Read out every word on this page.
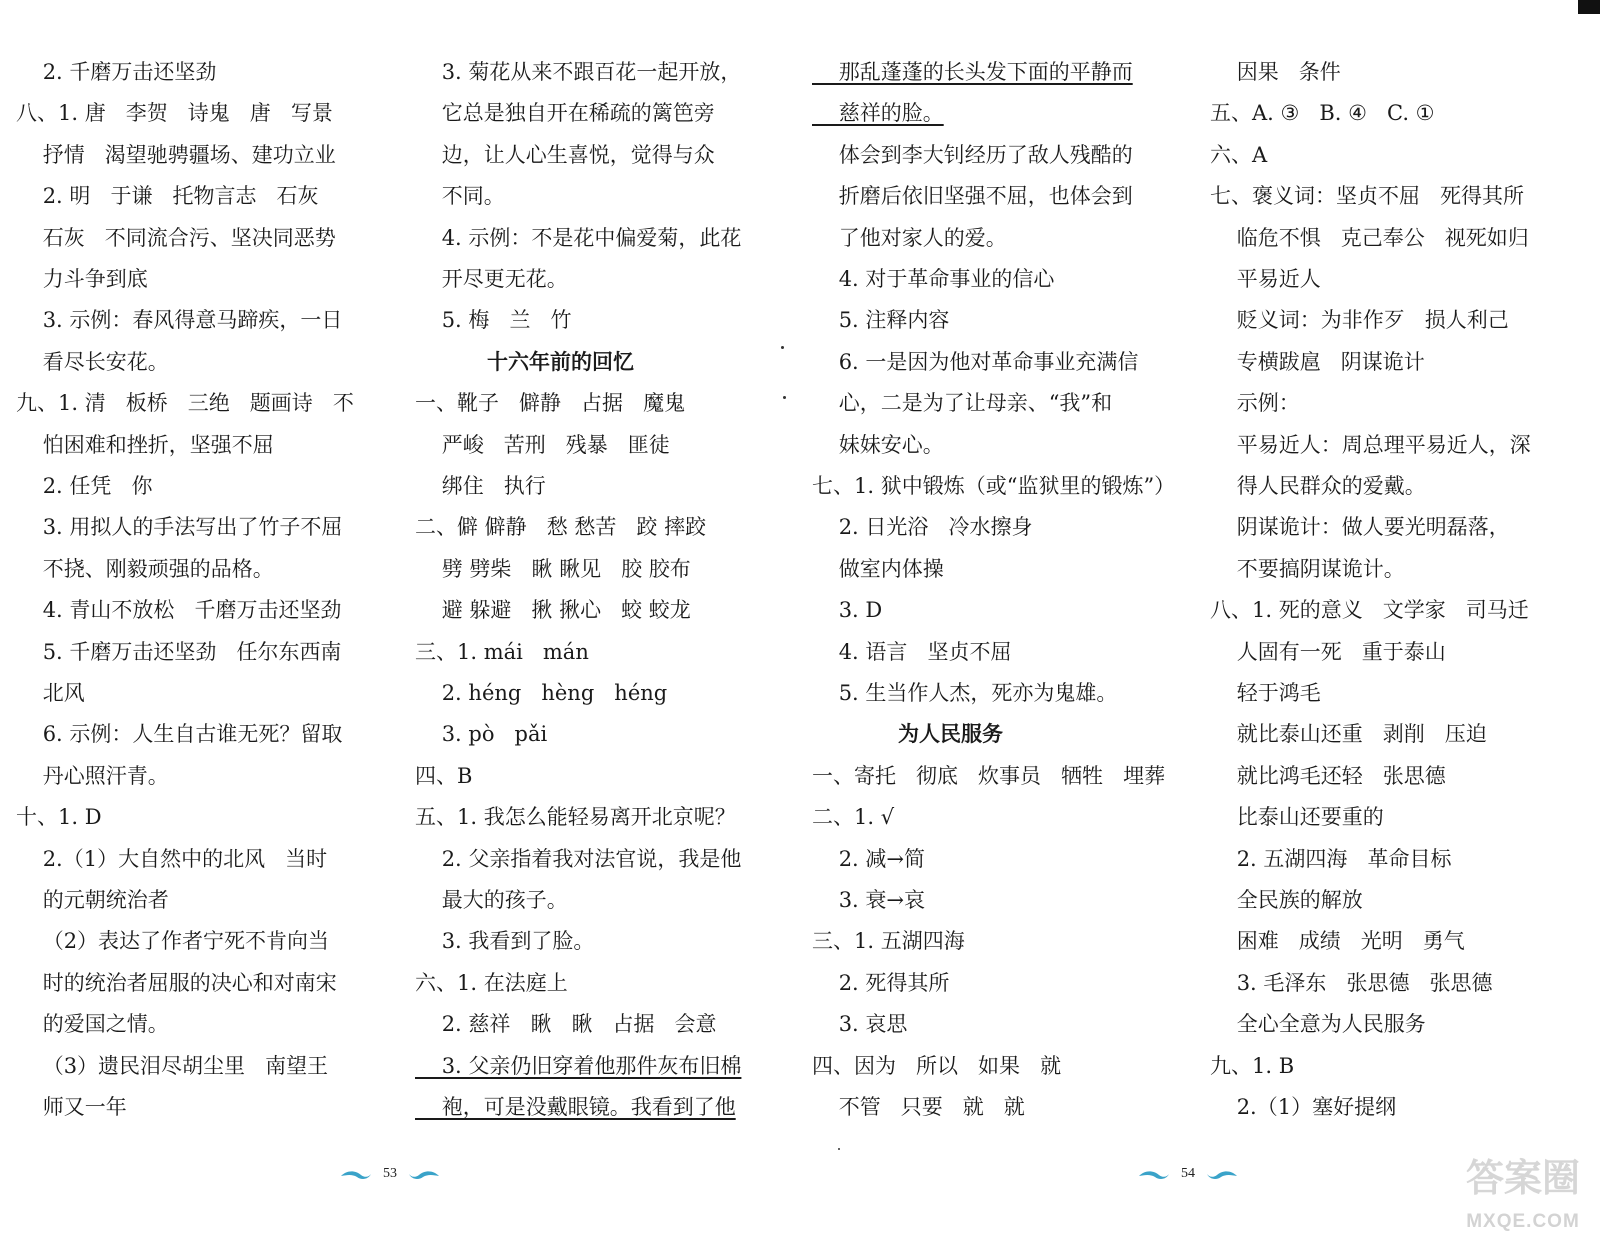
2. 千磨万击还坚劲
八、1. 唐   李贺   诗鬼   唐   写景
抒情   渴望驰骋疆场、建功立业
2. 明   于谦   托物言志   石灰
石灰   不同流合污、坚决同恶势
力斗争到底
3. 示例：春风得意马蹄疾，一日
看尽长安花。
九、1. 清   板桥   三绝   题画诗   不
怕困难和挫折，坚强不屈
2. 任凭   你
3. 用拟人的手法写出了竹子不屈
不挠、刚毅顽强的品格。
4. 青山不放松   千磨万击还坚劲
5. 千磨万击还坚劲   任尔东西南
北风
6. 示例：人生自古谁无死？留取
丹心照汗青。
十、1. D
2.（1）大自然中的北风   当时
的元朝统治者
（2）表达了作者宁死不肯向当
时的统治者屈服的决心和对南宋
的爱国之情。
（3）遗民泪尽胡尘里   南望王
师又一年
3. 菊花从来不跟百花一起开放，
它总是独自开在稀疏的篱笆旁
边，让人心生喜悦，觉得与众
不同。
4. 示例：不是花中偏爱菊，此花
开尽更无花。
5. 梅   兰   竹
十六年前的回忆
一、靴子   僻静   占据   魔鬼
严峻   苦刑   残暴   匪徒
绑住   执行
二、僻 僻静   愁 愁苦   跤 摔跤
劈 劈柴   瞅 瞅见   胶 胶布
避 躲避   揪 揪心   蛟 蛟龙
三、1. mái   mán
2. héng   hèng   héng
3. pò   pǎi
四、B
五、1. 我怎么能轻易离开北京呢？
2. 父亲指着我对法官说，我是他
最大的孩子。
3. 我看到了脸。
六、1. 在法庭上
2. 慈祥   瞅   瞅   占据   会意
3. 父亲仍旧穿着他那件灰布旧棉
袍，可是没戴眼镜。我看到了他
53
那乱蓬蓬的长头发下面的平静而
慈祥的脸。
体会到李大钊经历了敌人残酷的
折磨后依旧坚强不屈，也体会到
了他对家人的爱。
4. 对于革命事业的信心
5. 注释内容
6. 一是因为他对革命事业充满信
心，二是为了让母亲、“我”和
妹妹安心。
七、1. 狱中锻炼（或“监狱里的锻炼”）
2. 日光浴   冷水擦身
做室内体操
3. D
4. 语言   坚贞不屈
5. 生当作人杰，死亦为鬼雄。
为人民服务
一、寄托   彻底   炊事员   牺牲   埋葬
二、1. √
2. 减→简
3. 衰→哀
三、1. 五湖四海
2. 死得其所
3. 哀思
四、因为   所以   如果   就
不管   只要   就   就
因果   条件
五、A. ③   B. ④   C. ①
六、A
七、褒义词：坚贞不屈   死得其所
临危不惧   克己奉公   视死如归
平易近人
贬义词：为非作歹   损人利己
专横跋扈   阴谋诡计
示例：
平易近人：周总理平易近人，深
得人民群众的爱戴。
阴谋诡计：做人要光明磊落，
不要搞阴谋诡计。
八、1. 死的意义   文学家   司马迁
人固有一死   重于泰山
轻于鸿毛
就比泰山还重   剥削   压迫
就比鸿毛还轻   张思德
比泰山还要重的
2. 五湖四海   革命目标
全民族的解放
困难   成绩   光明   勇气
3. 毛泽东   张思德   张思德
全心全意为人民服务
九、1. B
2.（1）塞好提纲
54	答案圈
MXQE.COM
